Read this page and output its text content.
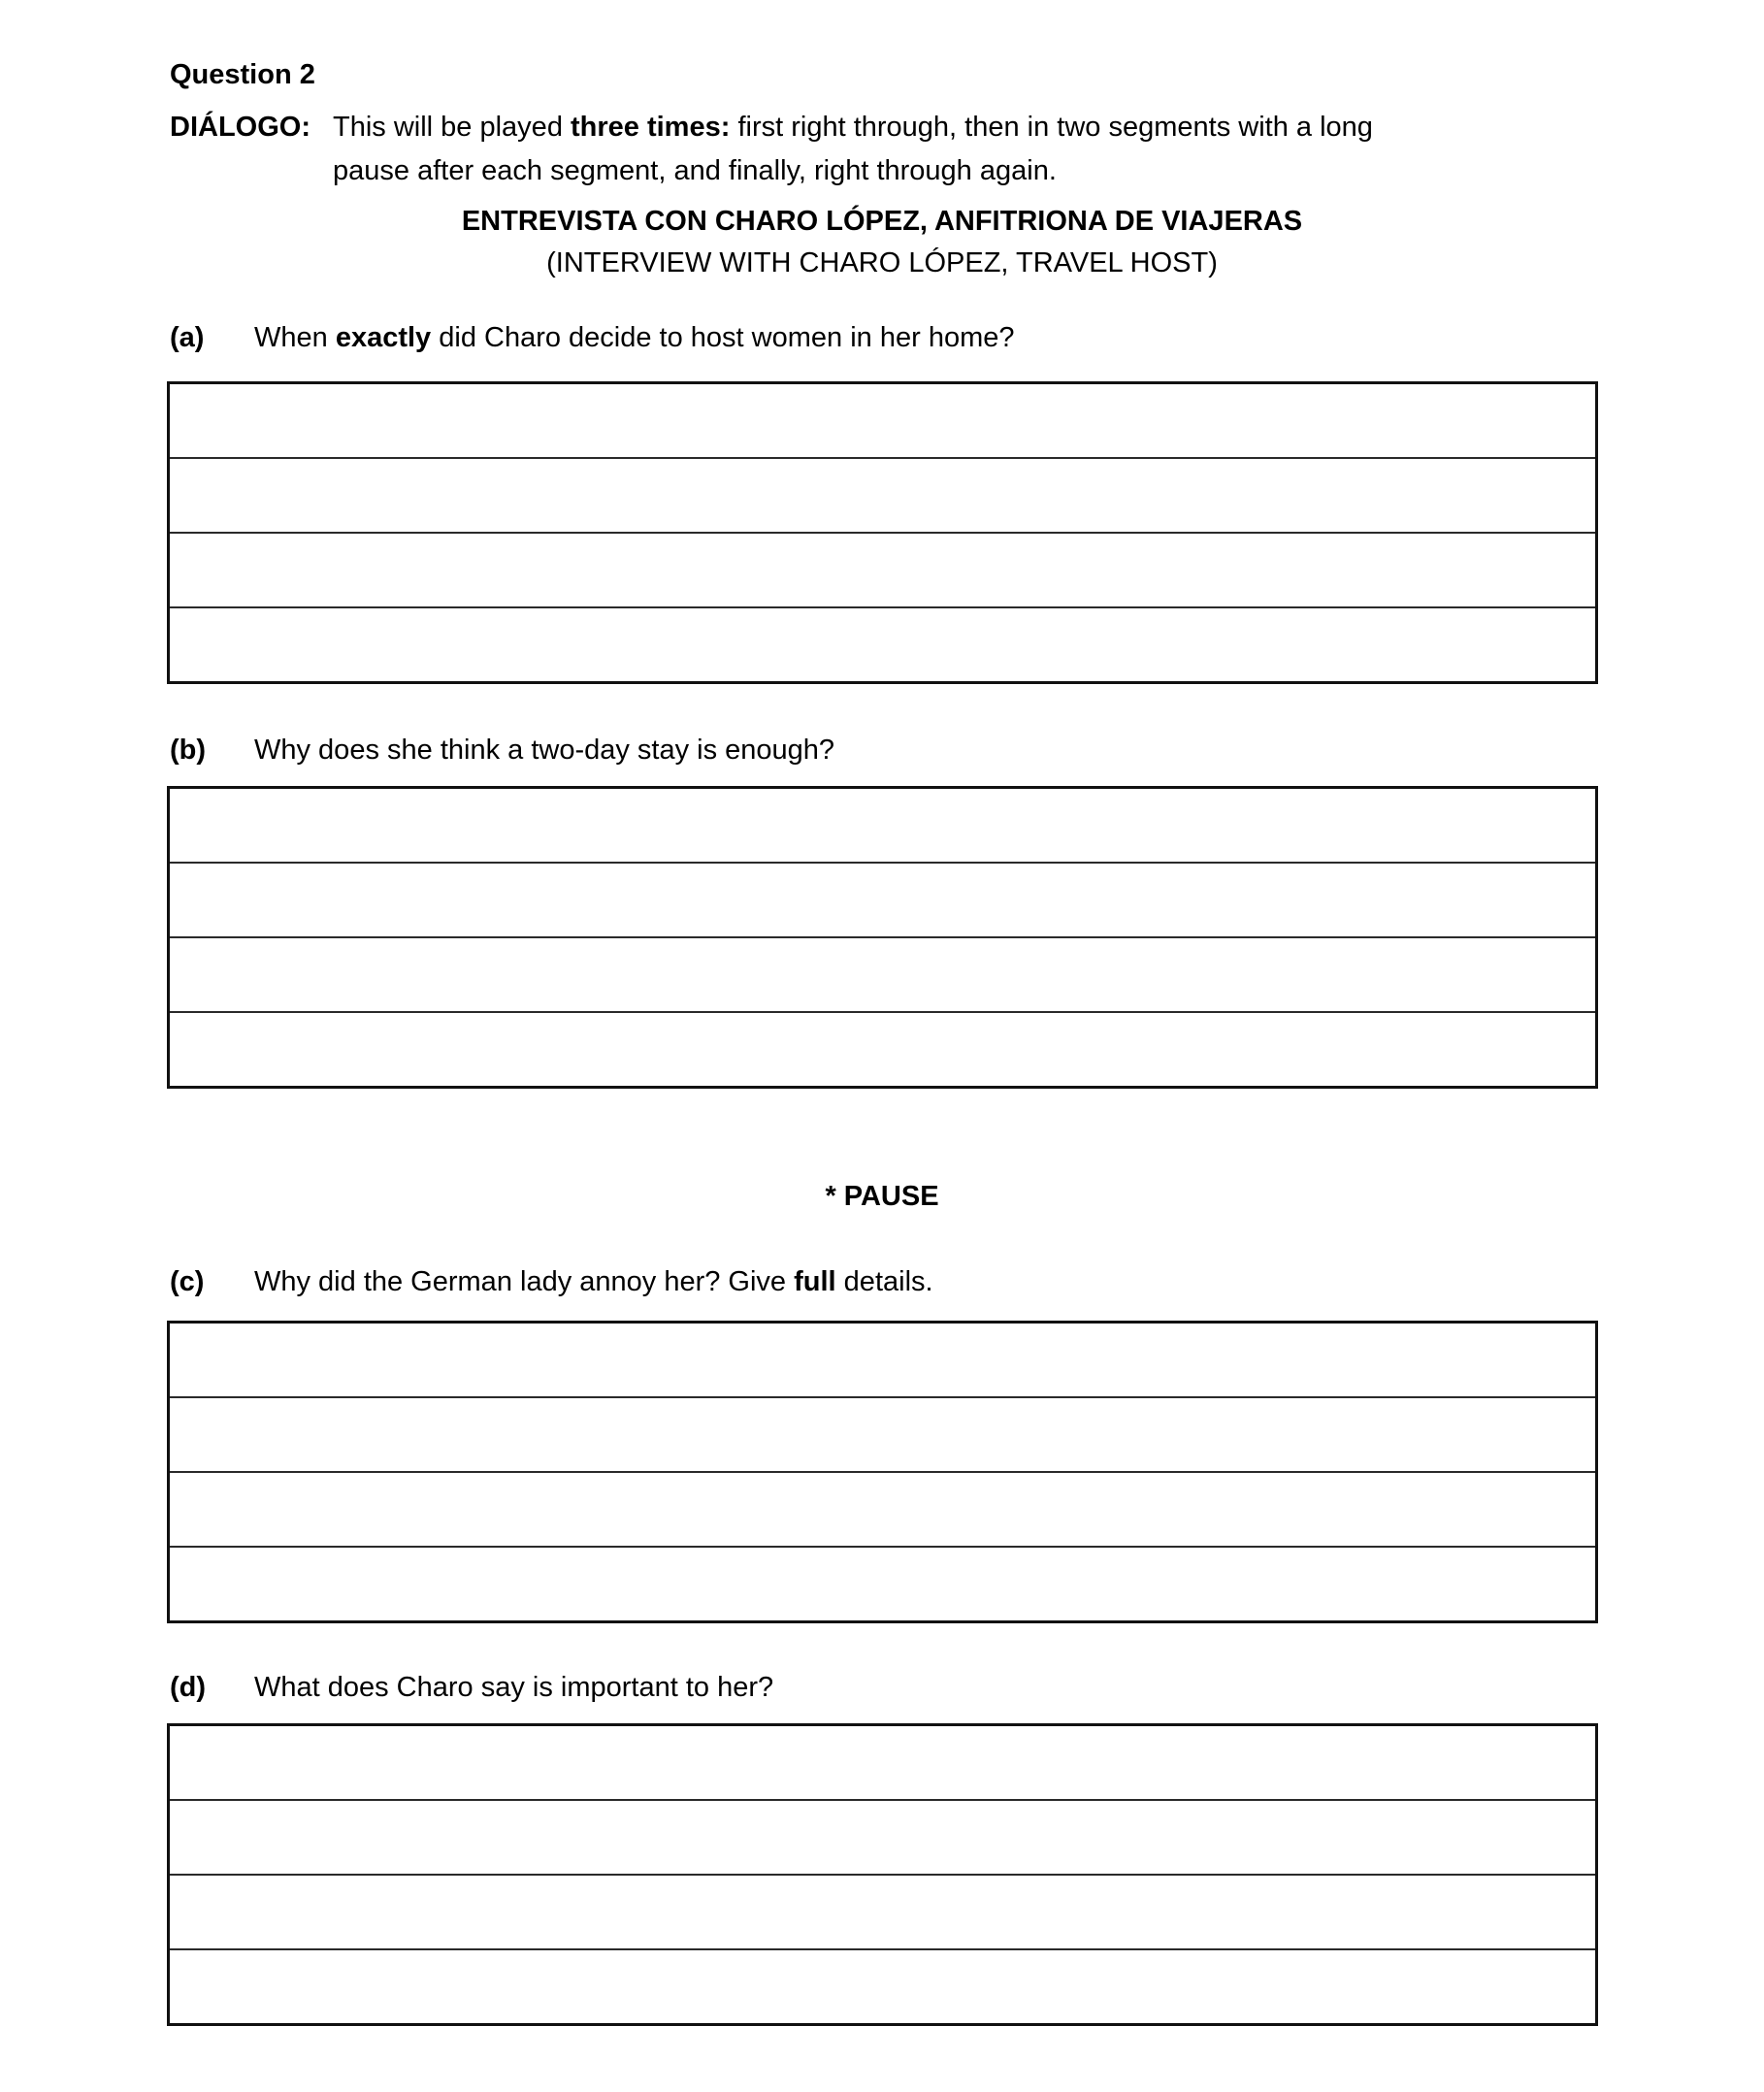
Question 2
DIÁLOGO: This will be played three times: first right through, then in two segments with a long
pause after each segment, and finally, right through again.
ENTREVISTA CON CHARO LÓPEZ, ANFITRIONA DE VIAJERAS
(INTERVIEW WITH CHARO LÓPEZ, TRAVEL HOST)
(a) When exactly did Charo decide to host women in her home?
(b) Why does she think a two-day stay is enough?
* PAUSE
(c) Why did the German lady annoy her? Give full details.
(d) What does Charo say is important to her?
